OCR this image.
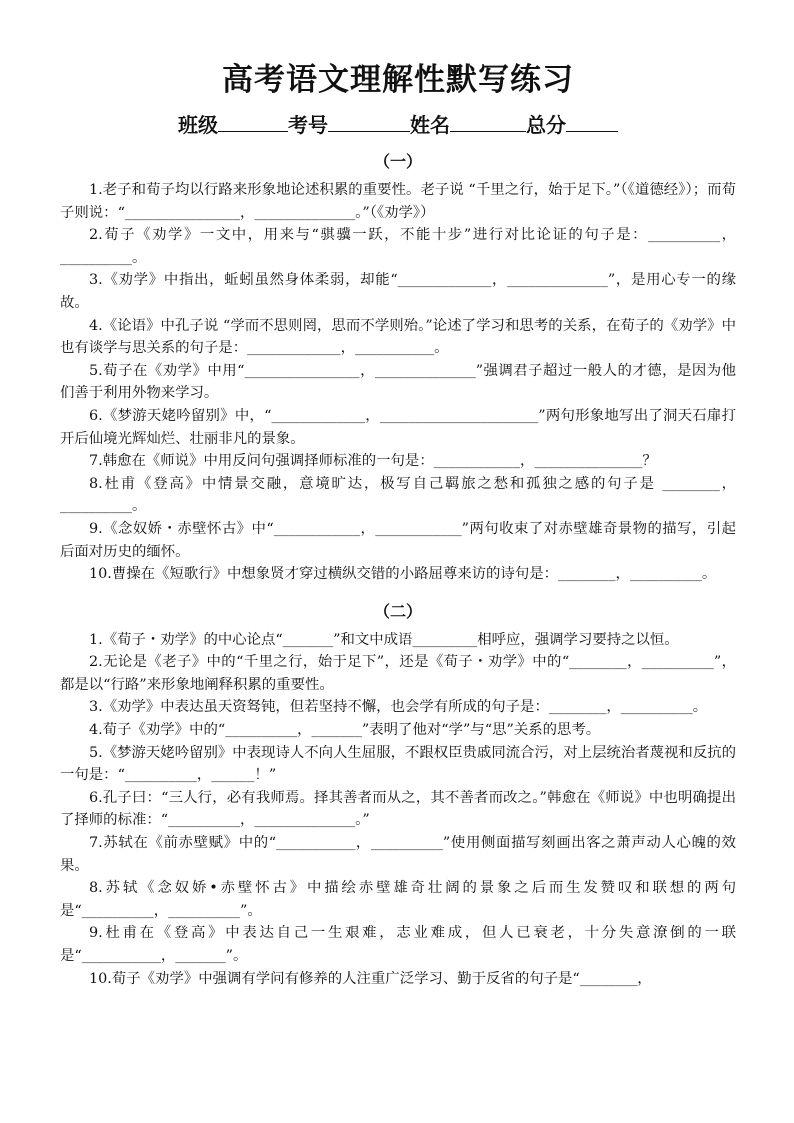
高考语文理解性默写练习
班级	考号	姓名	总分
（一）

1.老子和荀子均以行路来形象地论述积累的重要性。老子说 “千里之行，始于足下。”（《道德经》）；而荀子则说：“________________，______________。”（《劝学》）

2.荀子《劝学》一文中，用来与“骐骥一跃，不能十步”进行对比论证的句子是：__________，__________。

3.《劝学》中指出，蚯蚓虽然身体柔弱，却能“_____________，______________”，是用心专一的缘故。

4.《论语》中孔子说 “学而不思则罔，思而不学则殆。”论述了学习和思考的关系，在荀子的《劝学》中也有谈学与思关系的句子是：_____________，___________。

5.荀子在《劝学》中用“________________，______________”强调君子超过一般人的才德，是因为他们善于利用外物来学习。

6.《梦游天姥吟留别》中，“_____________，______________________”两句形象地写出了洞天石扉打开后仙境光辉灿烂、壮丽非凡的景象。

7.韩愈在《师说》中用反问句强调择师标准的一句是：____________，_______________？

8.杜甫《登高》中情景交融，意境旷达，极写自己羁旅之愁和孤独之感的句子是 ________，__________。

9.《念奴娇・赤壁怀古》中“____________，____________”两句收束了对赤壁雄奇景物的描写，引起后面对历史的缅怀。

10.曹操在《短歌行》中想象贤才穿过横纵交错的小路屈尊来访的诗句是：________，__________。

（二）

1.《荀子・劝学》的中心论点“_______”和文中成语_________相呼应，强调学习要持之以恒。

2.无论是《老子》中的“千里之行，始于足下”，还是《荀子・劝学》中的“________，__________”，都是以“行路”来形象地阐释积累的重要性。

3.《劝学》中表达虽天资驽钝，但若坚持不懈，也会学有所成的句子是：________，__________。

4.荀子《劝学》中的“__________，_______”表明了他对“学”与“思”关系的思考。

5.《梦游天姥吟留别》中表现诗人不向人生屈服，不跟权臣贵戚同流合污，对上层统治者蔑视和反抗的一句是：“__________，______！”

6.孔子曰：“三人行，必有我师焉。择其善者而从之，其不善者而改之。”韩愈在《师说》中也明确提出了择师的标准：“__________，______________。”

7.苏轼在《前赤壁赋》中的“___________，__________”使用侧面描写刻画出客之萧声动人心魄的效果。

8.苏轼《念奴娇•赤壁怀古》中描绘赤壁雄奇壮阔的景象之后而生发赞叹和联想的两句是“__________，__________”。

9.杜甫在《登高》中表达自己一生艰难，志业难成，但人已衰老，十分失意潦倒的一联是“___________，_______”。

10.荀子《劝学》中强调有学问有修养的人注重广泛学习、勤于反省的句子是“________，
